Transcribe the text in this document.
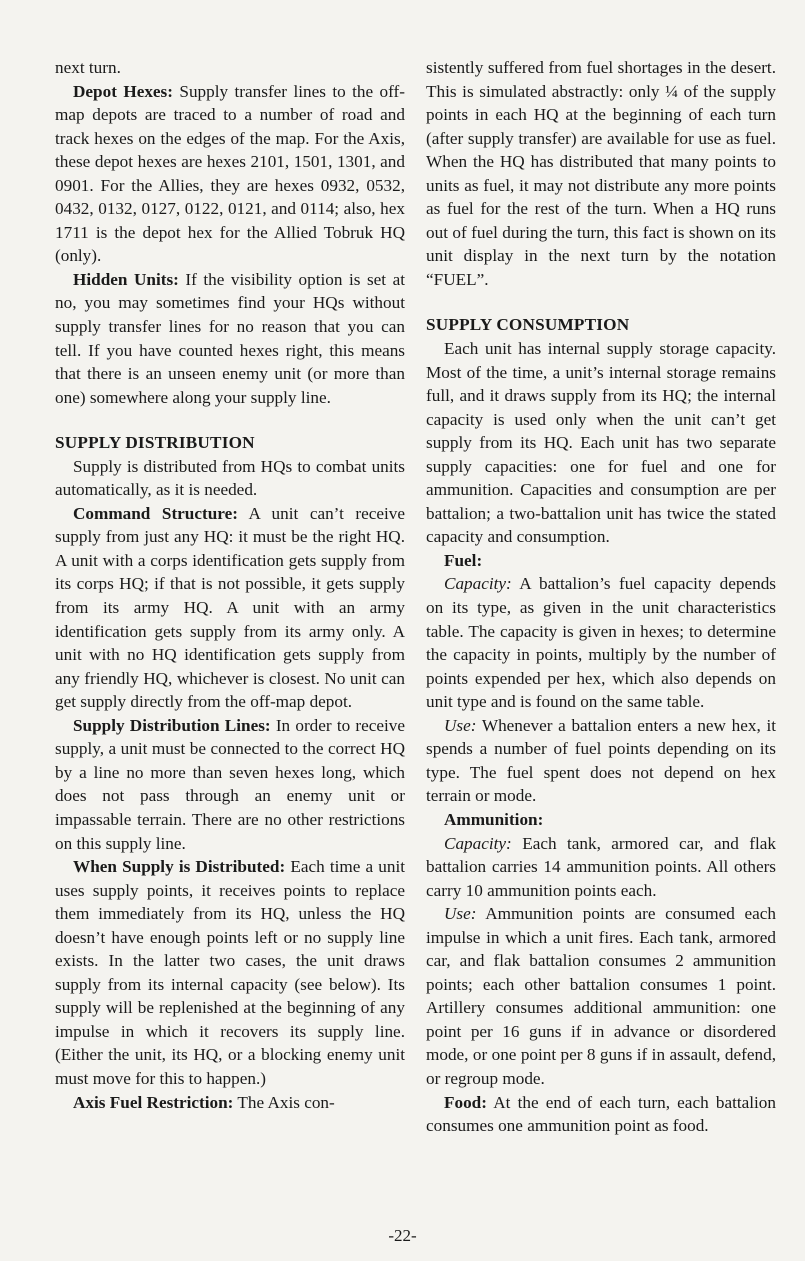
next turn.

Depot Hexes: Supply transfer lines to the off-map depots are traced to a number of road and track hexes on the edges of the map. For the Axis, these depot hexes are hexes 2101, 1501, 1301, and 0901. For the Allies, they are hexes 0932, 0532, 0432, 0132, 0127, 0122, 0121, and 0114; also, hex 1711 is the depot hex for the Allied Tobruk HQ (only).

Hidden Units: If the visibility option is set at no, you may sometimes find your HQs without supply transfer lines for no reason that you can tell. If you have counted hexes right, this means that there is an unseen enemy unit (or more than one) somewhere along your supply line.

SUPPLY DISTRIBUTION

Supply is distributed from HQs to combat units automatically, as it is needed.

Command Structure: A unit can’t receive supply from just any HQ: it must be the right HQ. A unit with a corps identification gets supply from its corps HQ; if that is not possible, it gets supply from its army HQ. A unit with an army identification gets supply from its army only. A unit with no HQ identification gets supply from any friendly HQ, whichever is closest. No unit can get supply directly from the off-map depot.

Supply Distribution Lines: In order to receive supply, a unit must be connected to the correct HQ by a line no more than seven hexes long, which does not pass through an enemy unit or impassable terrain. There are no other restrictions on this supply line.

When Supply is Distributed: Each time a unit uses supply points, it receives points to replace them immediately from its HQ, unless the HQ doesn’t have enough points left or no supply line exists. In the latter two cases, the unit draws supply from its internal capacity (see below). Its supply will be replenished at the beginning of any impulse in which it recovers its supply line. (Either the unit, its HQ, or a blocking enemy unit must move for this to happen.)

Axis Fuel Restriction: The Axis con-

sistently suffered from fuel shortages in the desert. This is simulated abstractly: only ¼ of the supply points in each HQ at the beginning of each turn (after supply transfer) are available for use as fuel. When the HQ has distributed that many points to units as fuel, it may not distribute any more points as fuel for the rest of the turn. When a HQ runs out of fuel during the turn, this fact is shown on its unit display in the next turn by the notation “FUEL”.

SUPPLY CONSUMPTION

Each unit has internal supply storage capacity. Most of the time, a unit’s internal storage remains full, and it draws supply from its HQ; the internal capacity is used only when the unit can’t get supply from its HQ. Each unit has two separate supply capacities: one for fuel and one for ammunition. Capacities and consumption are per battalion; a two-battalion unit has twice the stated capacity and consumption.

Fuel:

Capacity: A battalion’s fuel capacity depends on its type, as given in the unit characteristics table. The capacity is given in hexes; to determine the capacity in points, multiply by the number of points expended per hex, which also depends on unit type and is found on the same table.

Use: Whenever a battalion enters a new hex, it spends a number of fuel points depending on its type. The fuel spent does not depend on hex terrain or mode.

Ammunition:

Capacity: Each tank, armored car, and flak battalion carries 14 ammunition points. All others carry 10 ammunition points each.

Use: Ammunition points are consumed each impulse in which a unit fires. Each tank, armored car, and flak battalion consumes 2 ammunition points; each other battalion consumes 1 point. Artillery consumes additional ammunition: one point per 16 guns if in advance or disordered mode, or one point per 8 guns if in assault, defend, or regroup mode.

Food: At the end of each turn, each battalion consumes one ammunition point as food.

-22-
